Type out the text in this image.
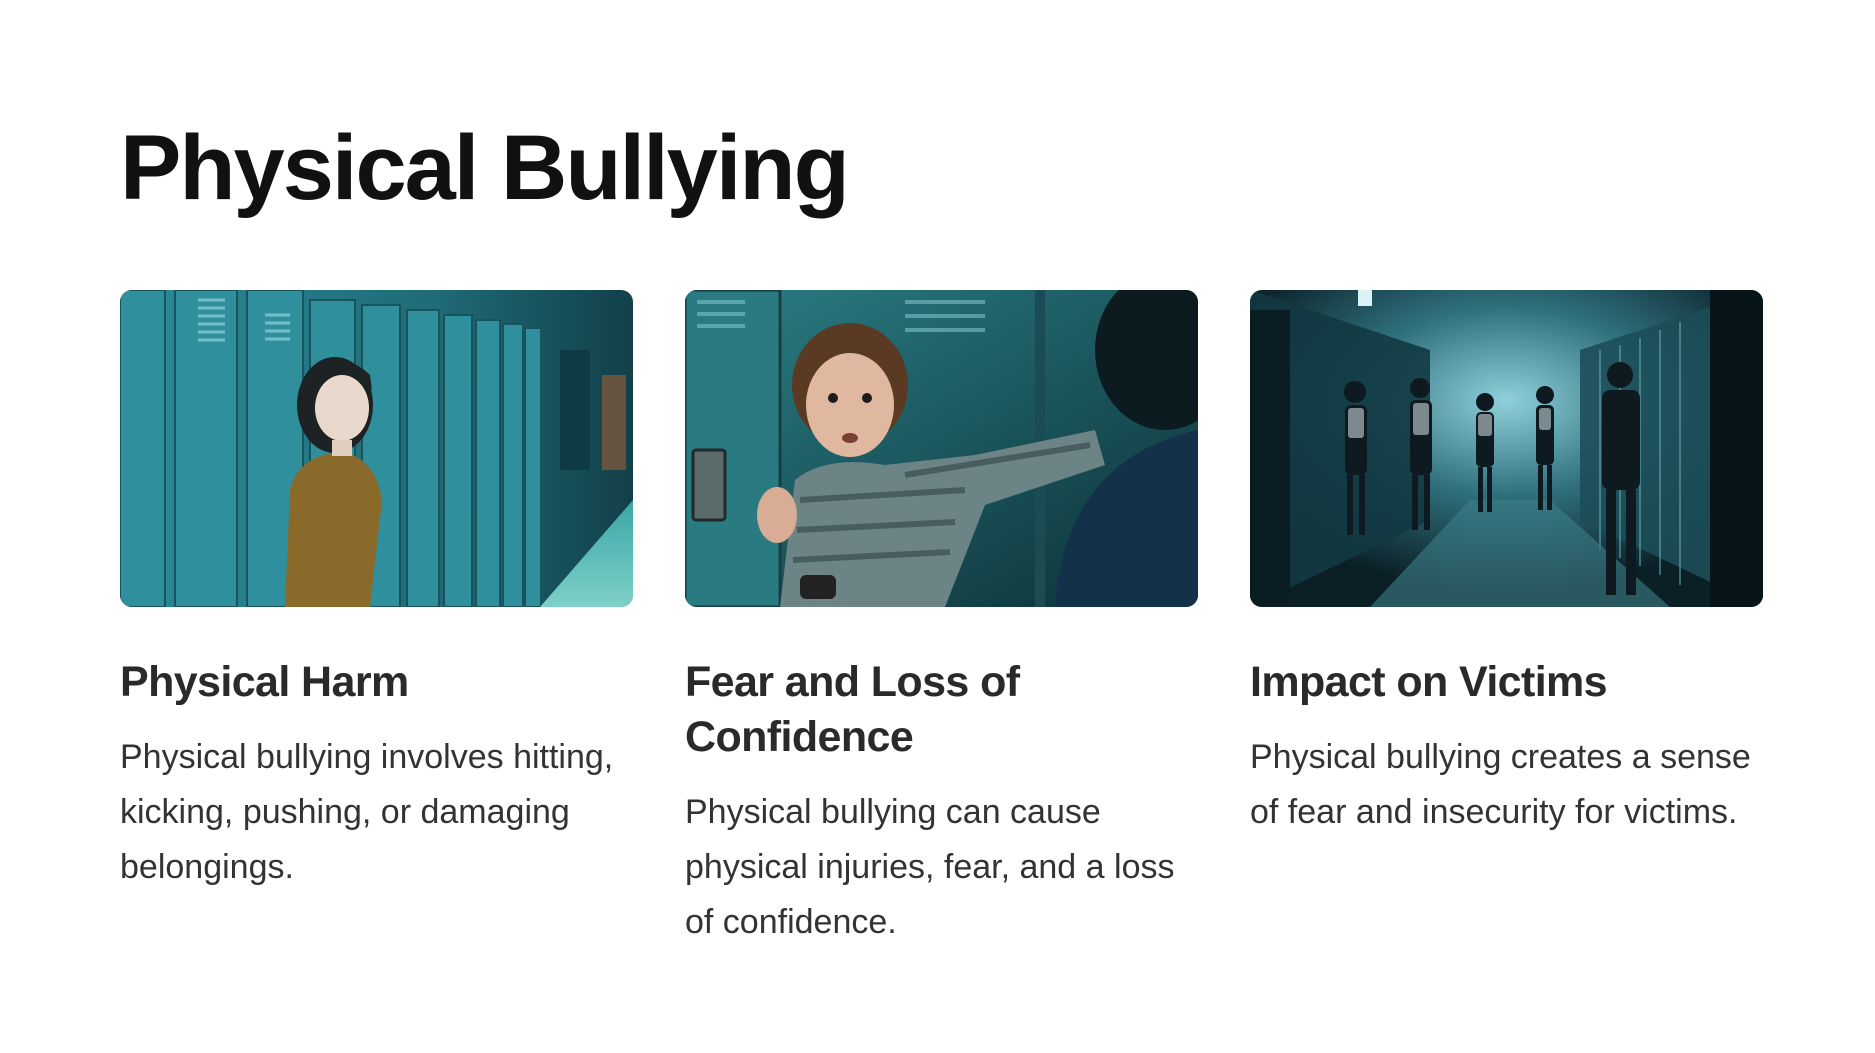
Physical Bullying
Physical Harm

Physical bullying involves hitting, kicking, pushing, or damaging belongings.

Fear and Loss of Confidence

Physical bullying can cause physical injuries, fear, and a loss of confidence.

Impact on Victims

Physical bullying creates a sense of fear and insecurity for victims.
